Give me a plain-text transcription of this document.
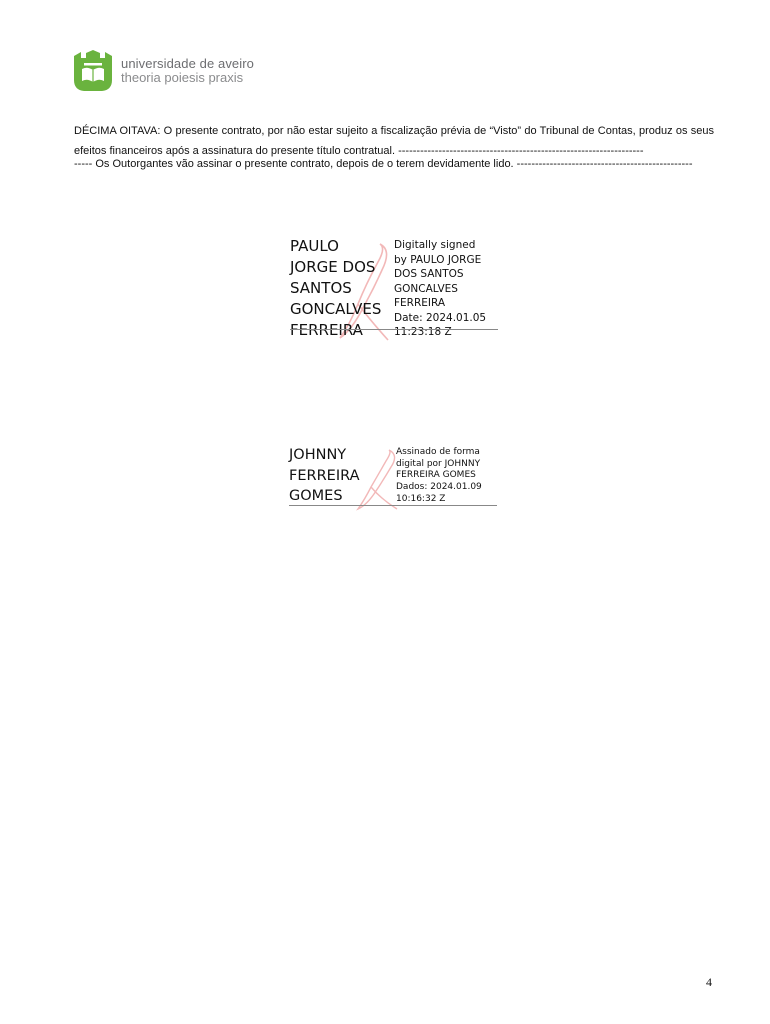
universidade de aveiro
theoria poiesis praxis
DÉCIMA OITAVA: O presente contrato, por não estar sujeito a fiscalização prévia de “Visto” do Tribunal de Contas, produz os seus efeitos financeiros após a assinatura do presente título contratual. -------------------------------------------------------------------
----- Os Outorgantes vão assinar o presente contrato, depois de o terem devidamente lido. ------------------------------------------------
PAULO
JORGE DOS
SANTOS
GONCALVES
FERREIRA
Digitally signed
by PAULO JORGE
DOS SANTOS
GONCALVES
FERREIRA
Date: 2024.01.05
11:23:18 Z
JOHNNY
FERREIRA
GOMES
Assinado de forma
digital por JOHNNY
FERREIRA GOMES
Dados: 2024.01.09
10:16:32 Z
4
